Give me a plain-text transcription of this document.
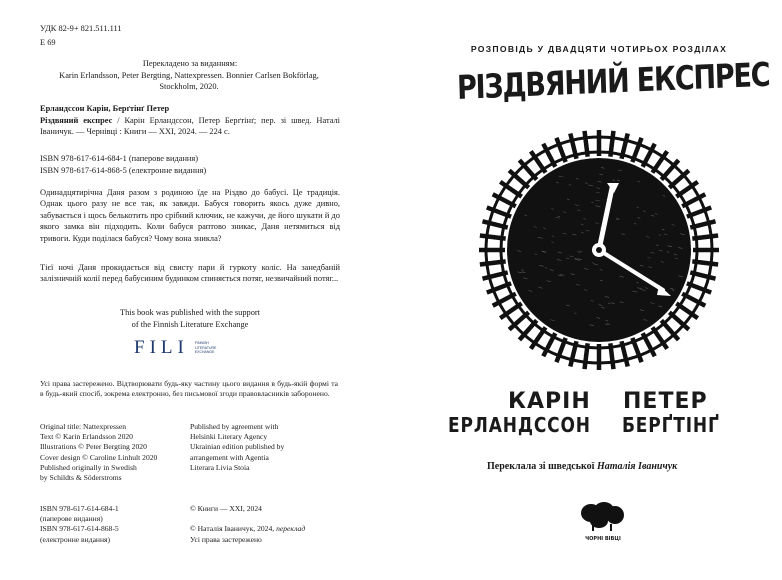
УДК 82-9+ 821.511.111
Е 69
Перекладено за виданням:
Karin Erlandsson, Peter Bergting, Nattexpressen. Bonnier Carlsen Bokförlag, Stockholm, 2020.
Ерландссон Карін, Берґтінґ Петер
Різдвяний експрес / Карін Ерландссон, Петер Берґтінґ; пер. зі швед. Наталі Іваничук. — Чернівці : Книги — ХХІ, 2024. — 224 с.
ISBN 978-617-614-684-1 (паперове видання)
ISBN 978-617-614-868-5 (електронне видання)
Одинадцятирічна Даня разом з родиною їде на Різдво до бабусі. Це традиція. Однак цього разу не все так, як завжди. Бабуся говорить якось дуже дивно, забувається і щось белькотить про срібний ключик, не кажучи, де його шукати й до якого замка він підходить. Коли бабуся раптово зникає, Даня нетямиться від тривоги. Куди поділася бабуся? Чому вона зникла?
Тієї ночі Даня прокидається від свисту пари й гуркоту коліс. На занедбаній залізничній колії перед бабусиним будинком спиняється потяг, незвичайний потяг...
This book was published with the support
of the Finnish Literature Exchange
FILI FINNISH
LITERATURE
EXCHANGE
Усі права застережено. Відтворювати будь-яку частину цього видання в будь-якій формі та в будь-який спосіб, зокрема електронно, без письмової згоди правовласників заборонено.
Original title: Nattexpressen
Text © Karin Erlandsson 2020
Illustrations © Peter Bergting 2020
Cover design © Caroline Linhult 2020
Published originally in Swedish
by Schildts & Söderstroms
Published by agreement with
Helsinki Literary Agency
Ukrainian edition published by
arrangement with Agentia
Literara Livia Stoia
ISBN 978-617-614-684-1
(паперове видання)
ISBN 978-617-614-868-5
(електронне видання)
© Книги — ХХІ, 2024
© Наталія Іваничук, 2024, переклад
Усі права застережено
РОЗПОВІДЬ У ДВАДЦЯТИ ЧОТИРЬОХ РОЗДІЛАХ
РІЗДВЯНИЙ ЕКСПРЕС
КАРІН
ЕРЛАНДССОН
ПЕТЕР
БЕРҐТІНҐ
Переклала зі шведської Наталія Іваничук
ЧОРНІ ВІВЦІ
